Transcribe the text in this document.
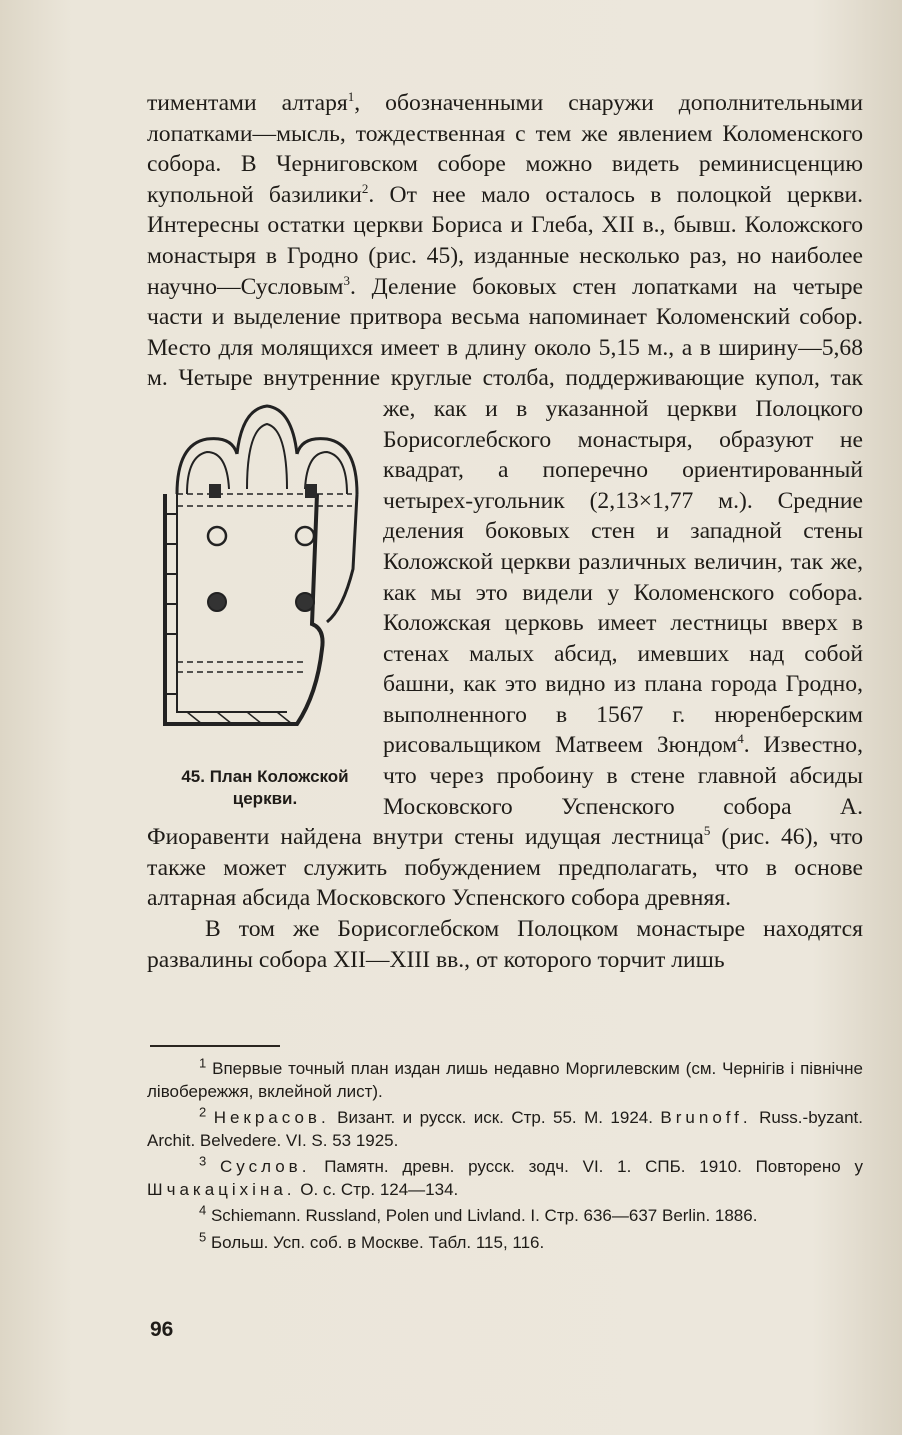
тиментами алтаря$^1$, обозначенными снаружи дополнительными лопатками—мысль, тождественная с тем же явлением Коломенского собора. В Черниговском соборе можно видеть реминисценцию купольной базилики$^2$. От нее мало осталось в полоцкой церкви. Интересны остатки церкви Бориса и Глеба, XII в., бывш. Коложского монастыря в Гродно (рис. 45), изданные несколько раз, но наиболее научно—Сусловым$^3$. Деление боковых стен лопатками на четыре части и выделение притвора весьма напоминает Коломенский собор. Место для молящихся имеет в длину около 5,15 м., а в ширину—5,68 м. Четыре внутренние круглые столба, поддерживающие купол, так же, как и
45. План Коложской
церкви.
в указанной церкви Полоцкого Борисоглебского монастыря, образуют не квадрат, а поперечно ориентированный четырех-угольник (2,13×1,77 м.). Средние деления боковых стен и западной стены Коложской церкви различных величин, так же, как мы это видели у Коломенского собора. Коложская церковь имеет лестницы вверх в стенах малых абсид, имевших над собой башни, как это видно из плана города Гродно, выполненного в 1567 г. нюренберским рисовальщиком Матвеем Зюндом$^4$. Известно, что через пробоину в стене главной абсиды Московского Успенского собора А. Фиоравенти найдена внутри стены идущая лестница$^5$ (рис. 46), что также может служить побуждением предполагать, что в основе алтарная абсида Московского Успенского собора древняя.

В том же Борисоглебском Полоцком монастыре находятся развалины собора XII—XIII вв., от которого торчит лишь

$^1$ Впервые точный план издан лишь недавно Моргилевским (см. Чернігів і північне лівобережжя, вклейной лист).

$^2$ Некрасов. Визант. и русск. иск. Стр. 55. М. 1924. Brunoff. Russ.-byzant. Archit. Belvedere. VI. S. 53 1925.

$^3$ Суслов. Памятн. древн. русск. зодч. VI. 1. СПБ. 1910. Повторено у Шчакаціхіна. О. с. Стр. 124—134.

$^4$ Schiemann. Russland, Polen und Livland. I. Стр. 636—637 Berlin. 1886.

$^5$ Больш. Усп. соб. в Москве. Табл. 115, 116.

96
